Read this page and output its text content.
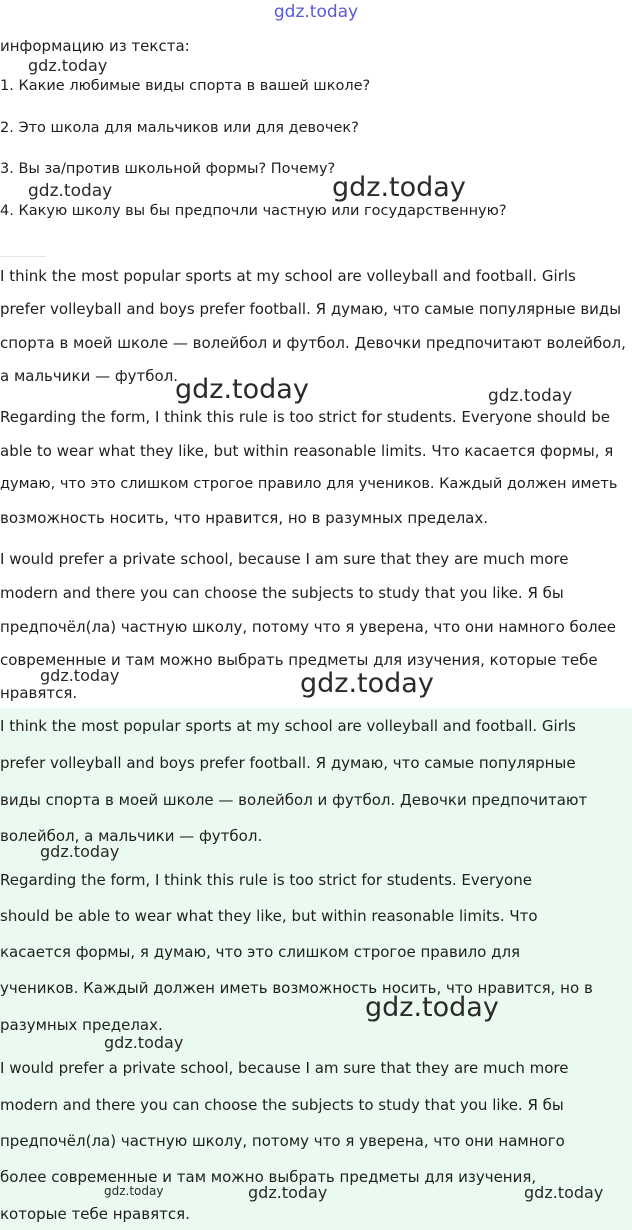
gdz.today
информацию из текста:
1. Какие любимые виды спорта в вашей школе?
2. Это школа для мальчиков или для девочек?
3. Вы за/против школьной формы? Почему?
4. Какую школу вы бы предпочли частную или государственную?
I think the most popular sports at my school are volleyball and football. Girls
prefer volleyball and boys prefer football. Я думаю, что самые популярные виды
спорта в моей школе — волейбол и футбол. Девочки предпочитают волейбол,
а мальчики — футбол.
Regarding the form, I think this rule is too strict for students. Everyone should be
able to wear what they like, but within reasonable limits. Что касается формы, я
думаю, что это слишком строгое правило для учеников. Каждый должен иметь
возможность носить, что нравится, но в разумных пределах.
I would prefer a private school, because I am sure that they are much more
modern and there you can choose the subjects to study that you like. Я бы
предпочёл(ла) частную школу, потому что я уверена, что они намного более
современные и там можно выбрать предметы для изучения, которые тебе
нравятся.
I think the most popular sports at my school are volleyball and football. Girls
prefer volleyball and boys prefer football. Я думаю, что самые популярные
виды спорта в моей школе — волейбол и футбол. Девочки предпочитают
волейбол, а мальчики — футбол.
Regarding the form, I think this rule is too strict for students. Everyone
should be able to wear what they like, but within reasonable limits. Что
касается формы, я думаю, что это слишком строгое правило для
учеников. Каждый должен иметь возможность носить, что нравится, но в
разумных пределах.
I would prefer a private school, because I am sure that they are much more
modern and there you can choose the subjects to study that you like. Я бы
предпочёл(ла) частную школу, потому что я уверена, что они намного
более современные и там можно выбрать предметы для изучения,
которые тебе нравятся.
gdz.today
gdz.today	gdz.today
gdz.today	gdz.today
gdz.today	gdz.today
gdz.today
gdz.today
gdz.today
gdz.today	gdz.today	gdz.today
